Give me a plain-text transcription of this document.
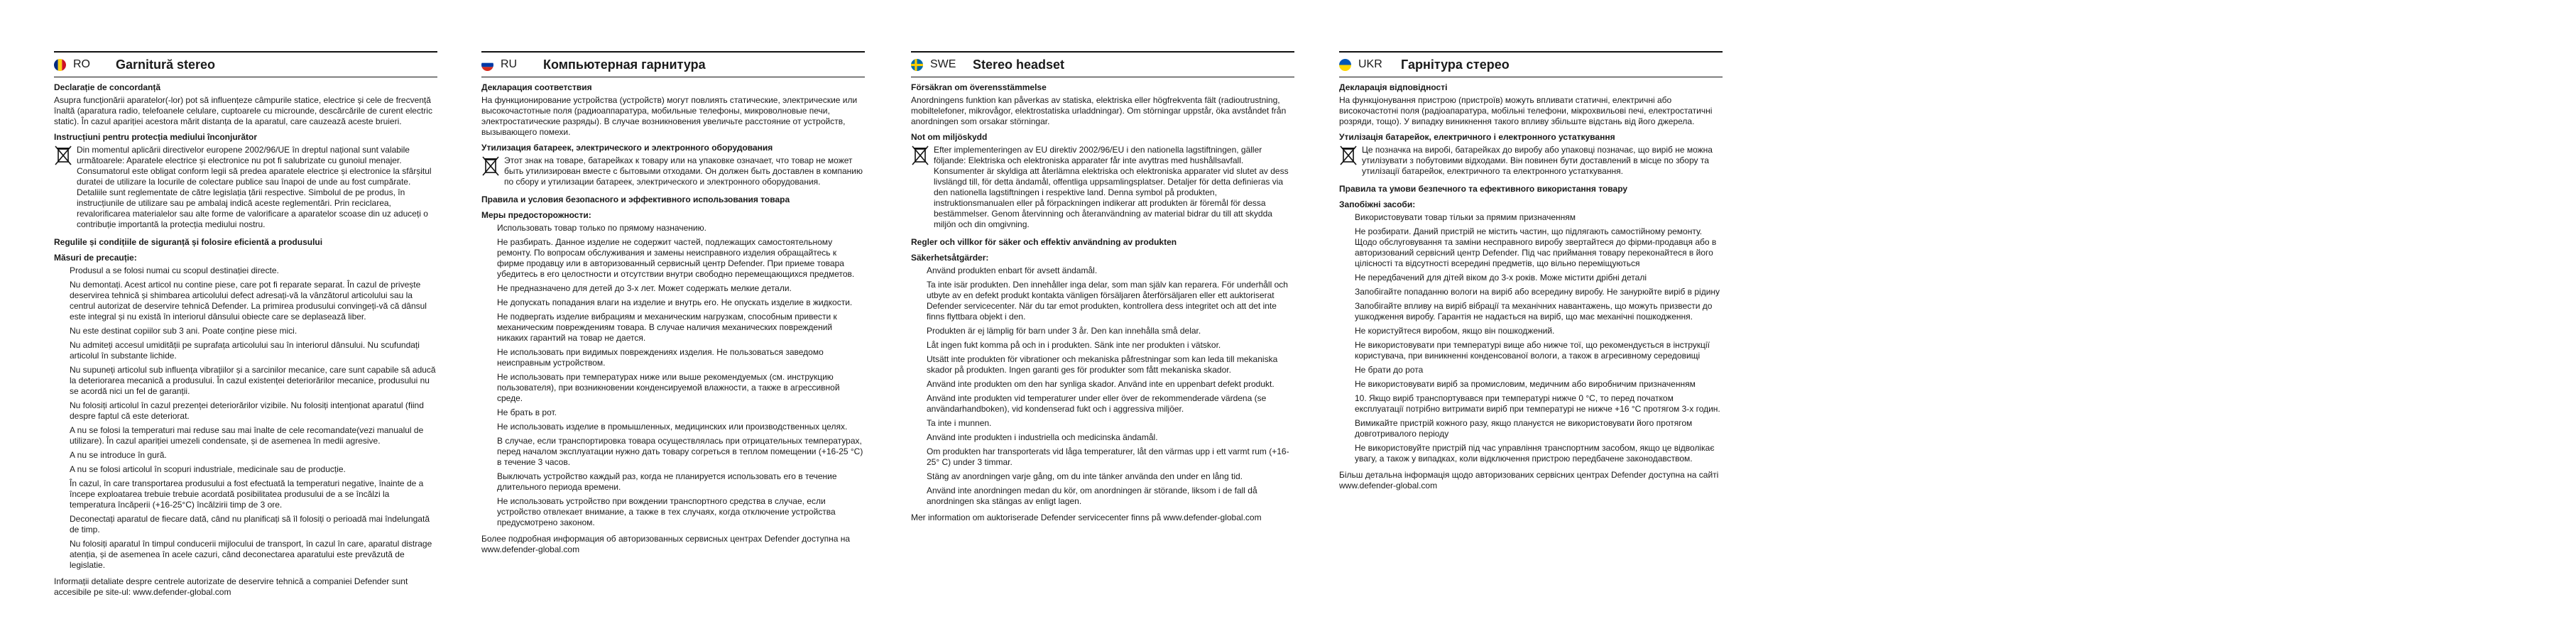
RO	Garnitură stereo
Declarație de concordanță

Asupra funcționării aparatelor(-lor) pot să influențeze câmpurile statice, electrice și cele de frecvență înaltă (aparatura radio, telefoanele celulare, cuptoarele cu microunde, descărcările de curent electric static). În cazul apariției acestora mărit distanța de la aparatul, care cauzează aceste bruieri.

Instrucțiuni pentru protecția mediului înconjurător

Din momentul aplicării directivelor europene 2002/96/UE în dreptul național sunt valabile următoarele: Aparatele electrice și electronice nu pot fi salubrizate cu gunoiul menajer. Consumatorul este obligat conform legii să predea aparatele electrice și electronice la sfârșitul duratei de utilizare la locurile de colectare publice sau înapoi de unde au fost cumpărate. Detaliile sunt reglementate de către legislația țării respective. Simbolul de pe produs, în instrucțiunile de utilizare sau pe ambalaj indică aceste reglementări. Prin reciclarea, revalorificarea materialelor sau alte forme de valorificare a aparatelor scoase din uz aduceți o contribuție importantă la protecția mediului nostru.

Regulile și condițiile de siguranță și folosire eficientă a produsului
Măsuri de precauție:

Produsul a se folosi numai cu scopul destinației directe.

Nu demontați. Acest articol nu contine piese, care pot fi reparate separat. În cazul de privește deservirea tehnică și shimbarea articolului defect adresați-vă la vânzătorul articolului sau la centrul autorizat de deservire tehnică Defender. La primirea produsului convingeți-vă că dânsul este integral și nu există în interiorul dânsului obiecte care se deplasează liber.

Nu este destinat copiilor sub 3 ani. Poate conține piese mici.

Nu admiteți accesul umidității pe suprafața articolului sau în interiorul dânsului. Nu scufundați articolul în substante lichide.

Nu supuneți articolul sub influența vibrațiilor și a sarcinilor mecanice, care sunt capabile să aducă la deteriorarea mecanică a produsului. În cazul existenței deteriorărilor mecanice, produsului nu se acordă nici un fel de garanții.

Nu folosiți articolul în cazul prezenței deteriorărilor vizibile. Nu folosiți intenționat aparatul (fiind despre faptul că este deteriorat.

A nu se folosi la temperaturi mai reduse sau mai înalte de cele recomandate(vezi manualul de utilizare). În cazul apariției umezeli condensate, și de asemenea în medii agresive.

A nu se introduce în gură.

A nu se folosi articolul în scopuri industriale, medicinale sau de producție.

În cazul, în care transportarea produsului a fost efectuată la temperaturi negative, înainte de a începe exploatarea trebuie trebuie acordată posibilitatea produsului de a se încălzi la temperatura încăperii (+16-25°C) încălzirii timp de 3 ore.

Deconectați aparatul de fiecare dată, când nu planificați să îl folosiți o perioadă mai îndelungată de timp.

Nu folosiți aparatul în timpul conducerii mijlocului de transport, în cazul în care, aparatul distrage atenția, și de asemenea în acele cazuri, când deconectarea aparatului este prevăzută de legislatie.

Informații detaliate despre centrele autorizate de deservire tehnică a companiei Defender sunt accesibile pe site-ul: www.defender-global.com

RU	Компьютерная гарнитура
Декларация соответствия

На функционирование устройства (устройств) могут повлиять статические, электрические или высокочастотные поля (радиоаппаратура, мобильные телефоны, микроволновые печи, электростатические разряды). В случае возникновения увеличьте расстояние от устройств, вызывающего помехи.

Утилизация батареек, электрического и электронного оборудования

Этот знак на товаре, батарейках к товару или на упаковке означает, что товар не может быть утилизирован вместе с бытовыми отходами. Он должен быть доставлен в компанию по сбору и утилизации батареек, электрического и электронного оборудования.

Правила и условия безопасного и эффективного использования товара
Меры предосторожности:

Использовать товар только по прямому назначению.

Не разбирать. Данное изделие не содержит частей, подлежащих самостоятельному ремонту. По вопросам обслуживания и замены неисправного изделия обращайтесь к фирме продавцу или в авторизованный сервисный центр Defender. При приеме товара убедитесь в его целостности и отсутствии внутри свободно перемещающихся предметов.

Не предназначено для детей до 3-х лет. Может содержать мелкие детали.

Не допускать попадания влаги на изделие и внутрь его. Не опускать изделие в жидкости.

Не подвергать изделие вибрациям и механическим нагрузкам, способным привести к механическим повреждениям товара. В случае наличия механических повреждений никаких гарантий на товар не дается.

Не использовать при видимых повреждениях изделия. Не пользоваться заведомо неисправным устройством.

Не использовать при температурах ниже или выше рекомендуемых (см. инструкцию пользователя), при возникновении конденсируемой влажности, а также в агрессивной среде.

Не брать в рот.

Не использовать изделие в промышленных, медицинских или производственных целях.

В случае, если транспортировка товара осуществлялась при отрицательных температурах, перед началом эксплуатации нужно дать товару согреться в теплом помещении (+16-25 °С) в течение 3 часов.

Выключать устройство каждый раз, когда не планируется использовать его в течение длительного периода времени.

Не использовать устройство при вождении транспортного средства в случае, если устройство отвлекает внимание, а также в тех случаях, когда отключение устройства предусмотрено законом.

Более подробная информация об авторизованных сервисных центрах Defender доступна на www.defender-global.com

SWE	Stereo headset
Försäkran om överensstämmelse

Anordningens funktion kan påverkas av statiska, elektriska eller högfrekventa fält (radioutrustning, mobiltelefoner, mikrovågor, elektrostatiska urladdningar). Om störningar uppstår, öka avståndet från anordningen som orsakar störningar.

Not om miljöskydd

Efter implementeringen av EU direktiv 2002/96/EU i den nationella lagstiftningen, gäller följande: Elektriska och elektroniska apparater får inte avyttras med hushållsavfall. Konsumenter är skyldiga att återlämna elektriska och elektroniska apparater vid slutet av dess livslängd till, för detta ändamål, offentliga uppsamlingsplatser. Detaljer för detta definieras via den nationella lagstiftningen i respektive land. Denna symbol på produkten, instruktionsmanualen eller på förpackningen indikerar att produkten är föremål för dessa bestämmelser. Genom återvinning och återanvändning av material bidrar du till att skydda miljön och din omgivning.

Regler och villkor för säker och effektiv användning av produkten
Säkerhetsåtgärder:

Använd produkten enbart för avsett ändamål.

Ta inte isär produkten. Den innehåller inga delar, som man själv kan reparera. För underhåll och utbyte av en defekt produkt kontakta vänligen försäljaren återförsäljaren eller ett auktoriserat Defender servicecenter. När du tar emot produkten, kontrollera dess integritet och att det inte finns flyttbara objekt i den.

Produkten är ej lämplig för barn under 3 år. Den kan innehålla små delar.

Låt ingen fukt komma på och in i produkten. Sänk inte ner produkten i vätskor.

Utsätt inte produkten för vibrationer och mekaniska påfrestningar som kan leda till mekaniska skador på produkten. Ingen garanti ges för produkter som fått mekaniska skador.

Använd inte produkten om den har synliga skador. Använd inte en uppenbart defekt produkt.

Använd inte produkten vid temperaturer under eller över de rekommenderade värdena (se användarhandboken), vid kondenserad fukt och i aggressiva miljöer.

Ta inte i munnen.

Använd inte produkten i industriella och medicinska ändamål.

Om produkten har transporterats vid låga temperaturer, låt den värmas upp i ett varmt rum (+16-25° C) under 3 timmar.

Stäng av anordningen varje gång, om du inte tänker använda den under en lång tid.

Använd inte anordningen medan du kör, om anordningen är störande, liksom i de fall då anordningen ska stängas av enligt lagen.

Mer information om auktoriserade Defender servicecenter finns på www.defender-global.com

UKR	Гарнітура стерео
Декларація відповідності

На функціонування пристрою (пристроїв) можуть впливати статичні, електричні або високочастотні поля (радіоапаратура, мобільні телефони, мікрохвильові печі, електростатичні розряди, тощо). У випадку виникнення такого впливу збільште відстань від його джерела.

Утилізація батарейок, електричного і електронного устаткування

Це позначка на виробі, батарейках до виробу або упаковці позначає, що виріб не можна утилізувати з побутовими відходами. Він повинен бути доставлений в місце по збору та утилізації батарейок, електричного та електронного устаткування.

Правила та умови безпечного та ефективного використання товару
Запобіжні засоби:

Використовувати товар тільки за прямим призначенням

Не розбирати. Даний пристрій не містить частин, що підлягають самостійному ремонту. Щодо обслуговування та заміни несправного виробу звертайтеся до фірми-продавця або в авторизований сервісний центр Defender. Під час приймання товару переконайтеся в його цілісності та відсутності всередині предметів, що вільно переміщуються

Не передбачений для дітей віком до 3-х років. Може містити дрібні деталі

Запобігайте попаданню вологи на виріб або всередину виробу. Не занурюйте виріб в рідину

Запобігайте впливу на виріб вібрації та механічних навантажень, що можуть призвести до ушкодження виробу. Гарантія не надається на виріб, що має механічні пошкодження.

Не користуйтеся виробом, якщо він пошкоджений.

Не використовувати при температурі вище або нижче тої, що рекомендується в інструкції користувача, при виникненні конденсованої вологи, а також в агресивному середовищі

Не брати до рота

Не використовувати виріб за промисловим, медичним або виробничим призначенням

10. Якщо виріб транспортувався при температурі нижче 0 °С, то перед початком експлуатації потрібно витримати виріб при температурі не нижче +16 °С протягом 3-х годин.

Вимикайте пристрій кожного разу, якщо плануєтся не використовувати його протягом довготривалого періоду

Не використовуйте пристрій під час управління транспортним засобом, якщо це відволікає увагу, а також у випадках, коли відключення пристрою передбачене законодавством.

Більш детальна інформація щодо авторизованих сервісних центрах Defender доступна на сайті www.defender-global.com
